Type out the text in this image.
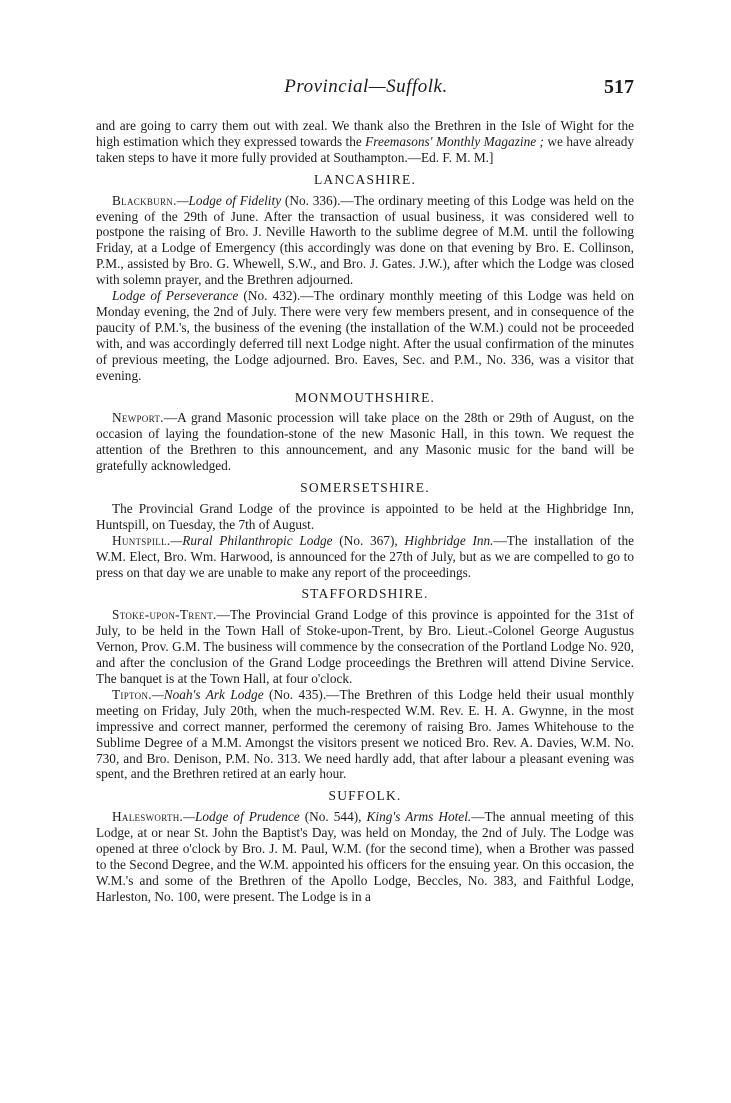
Provincial—Suffolk.	517

and are going to carry them out with zeal. We thank also the Brethren in the Isle of Wight for the high estimation which they expressed towards the Freemasons' Monthly Magazine ; we have already taken steps to have it more fully provided at Southampton.—Ed. F. M. M.]

LANCASHIRE.

Blackburn.—Lodge of Fidelity (No. 336).—The ordinary meeting of this Lodge was held on the evening of the 29th of June. After the transaction of usual business, it was considered well to postpone the raising of Bro. J. Neville Haworth to the sublime degree of M.M. until the following Friday, at a Lodge of Emergency (this accordingly was done on that evening by Bro. E. Collinson, P.M., assisted by Bro. G. Whewell, S.W., and Bro. J. Gates. J.W.), after which the Lodge was closed with solemn prayer, and the Brethren adjourned.

Lodge of Perseverance (No. 432).—The ordinary monthly meeting of this Lodge was held on Monday evening, the 2nd of July. There were very few members present, and in consequence of the paucity of P.M.'s, the business of the evening (the installation of the W.M.) could not be proceeded with, and was accordingly deferred till next Lodge night. After the usual confirmation of the minutes of previous meeting, the Lodge adjourned. Bro. Eaves, Sec. and P.M., No. 336, was a visitor that evening.

MONMOUTHSHIRE.

Newport.—A grand Masonic procession will take place on the 28th or 29th of August, on the occasion of laying the foundation-stone of the new Masonic Hall, in this town. We request the attention of the Brethren to this announcement, and any Masonic music for the band will be gratefully acknowledged.

SOMERSETSHIRE.

The Provincial Grand Lodge of the province is appointed to be held at the Highbridge Inn, Huntspill, on Tuesday, the 7th of August.

Huntspill.—Rural Philanthropic Lodge (No. 367), Highbridge Inn.—The installation of the W.M. Elect, Bro. Wm. Harwood, is announced for the 27th of July, but as we are compelled to go to press on that day we are unable to make any report of the proceedings.

STAFFORDSHIRE.

Stoke-upon-Trent.—The Provincial Grand Lodge of this province is appointed for the 31st of July, to be held in the Town Hall of Stoke-upon-Trent, by Bro. Lieut.-Colonel George Augustus Vernon, Prov. G.M. The business will commence by the consecration of the Portland Lodge No. 920, and after the conclusion of the Grand Lodge proceedings the Brethren will attend Divine Service. The banquet is at the Town Hall, at four o'clock.

Tipton.—Noah's Ark Lodge (No. 435).—The Brethren of this Lodge held their usual monthly meeting on Friday, July 20th, when the much-respected W.M. Rev. E. H. A. Gwynne, in the most impressive and correct manner, performed the ceremony of raising Bro. James Whitehouse to the Sublime Degree of a M.M. Amongst the visitors present we noticed Bro. Rev. A. Davies, W.M. No. 730, and Bro. Denison, P.M. No. 313. We need hardly add, that after labour a pleasant evening was spent, and the Brethren retired at an early hour.

SUFFOLK.

Halesworth.—Lodge of Prudence (No. 544), King's Arms Hotel.—The annual meeting of this Lodge, at or near St. John the Baptist's Day, was held on Monday, the 2nd of July. The Lodge was opened at three o'clock by Bro. J. M. Paul, W.M. (for the second time), when a Brother was passed to the Second Degree, and the W.M. appointed his officers for the ensuing year. On this occasion, the W.M.'s and some of the Brethren of the Apollo Lodge, Beccles, No. 383, and Faithful Lodge, Harleston, No. 100, were present. The Lodge is in a
